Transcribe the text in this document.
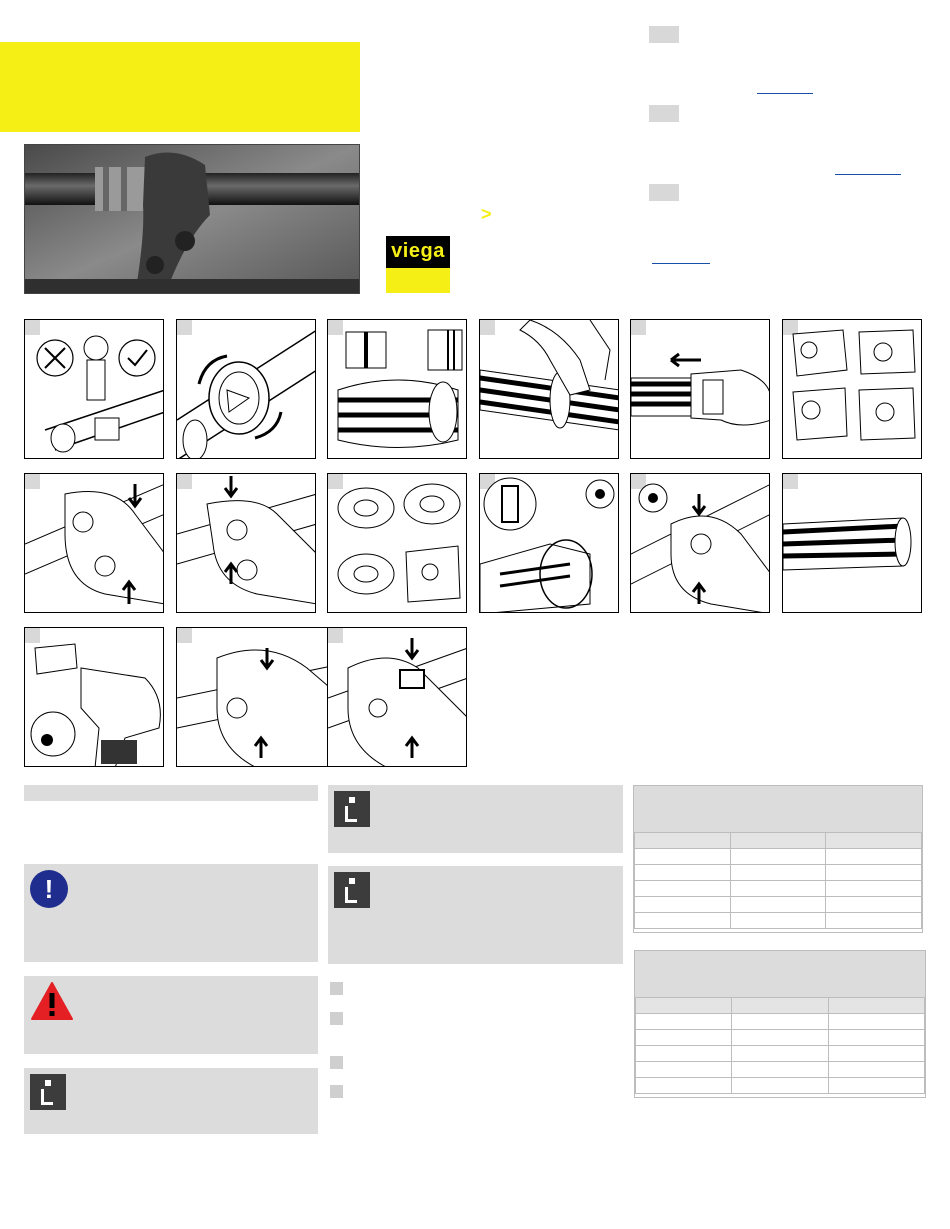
>
viega
!
